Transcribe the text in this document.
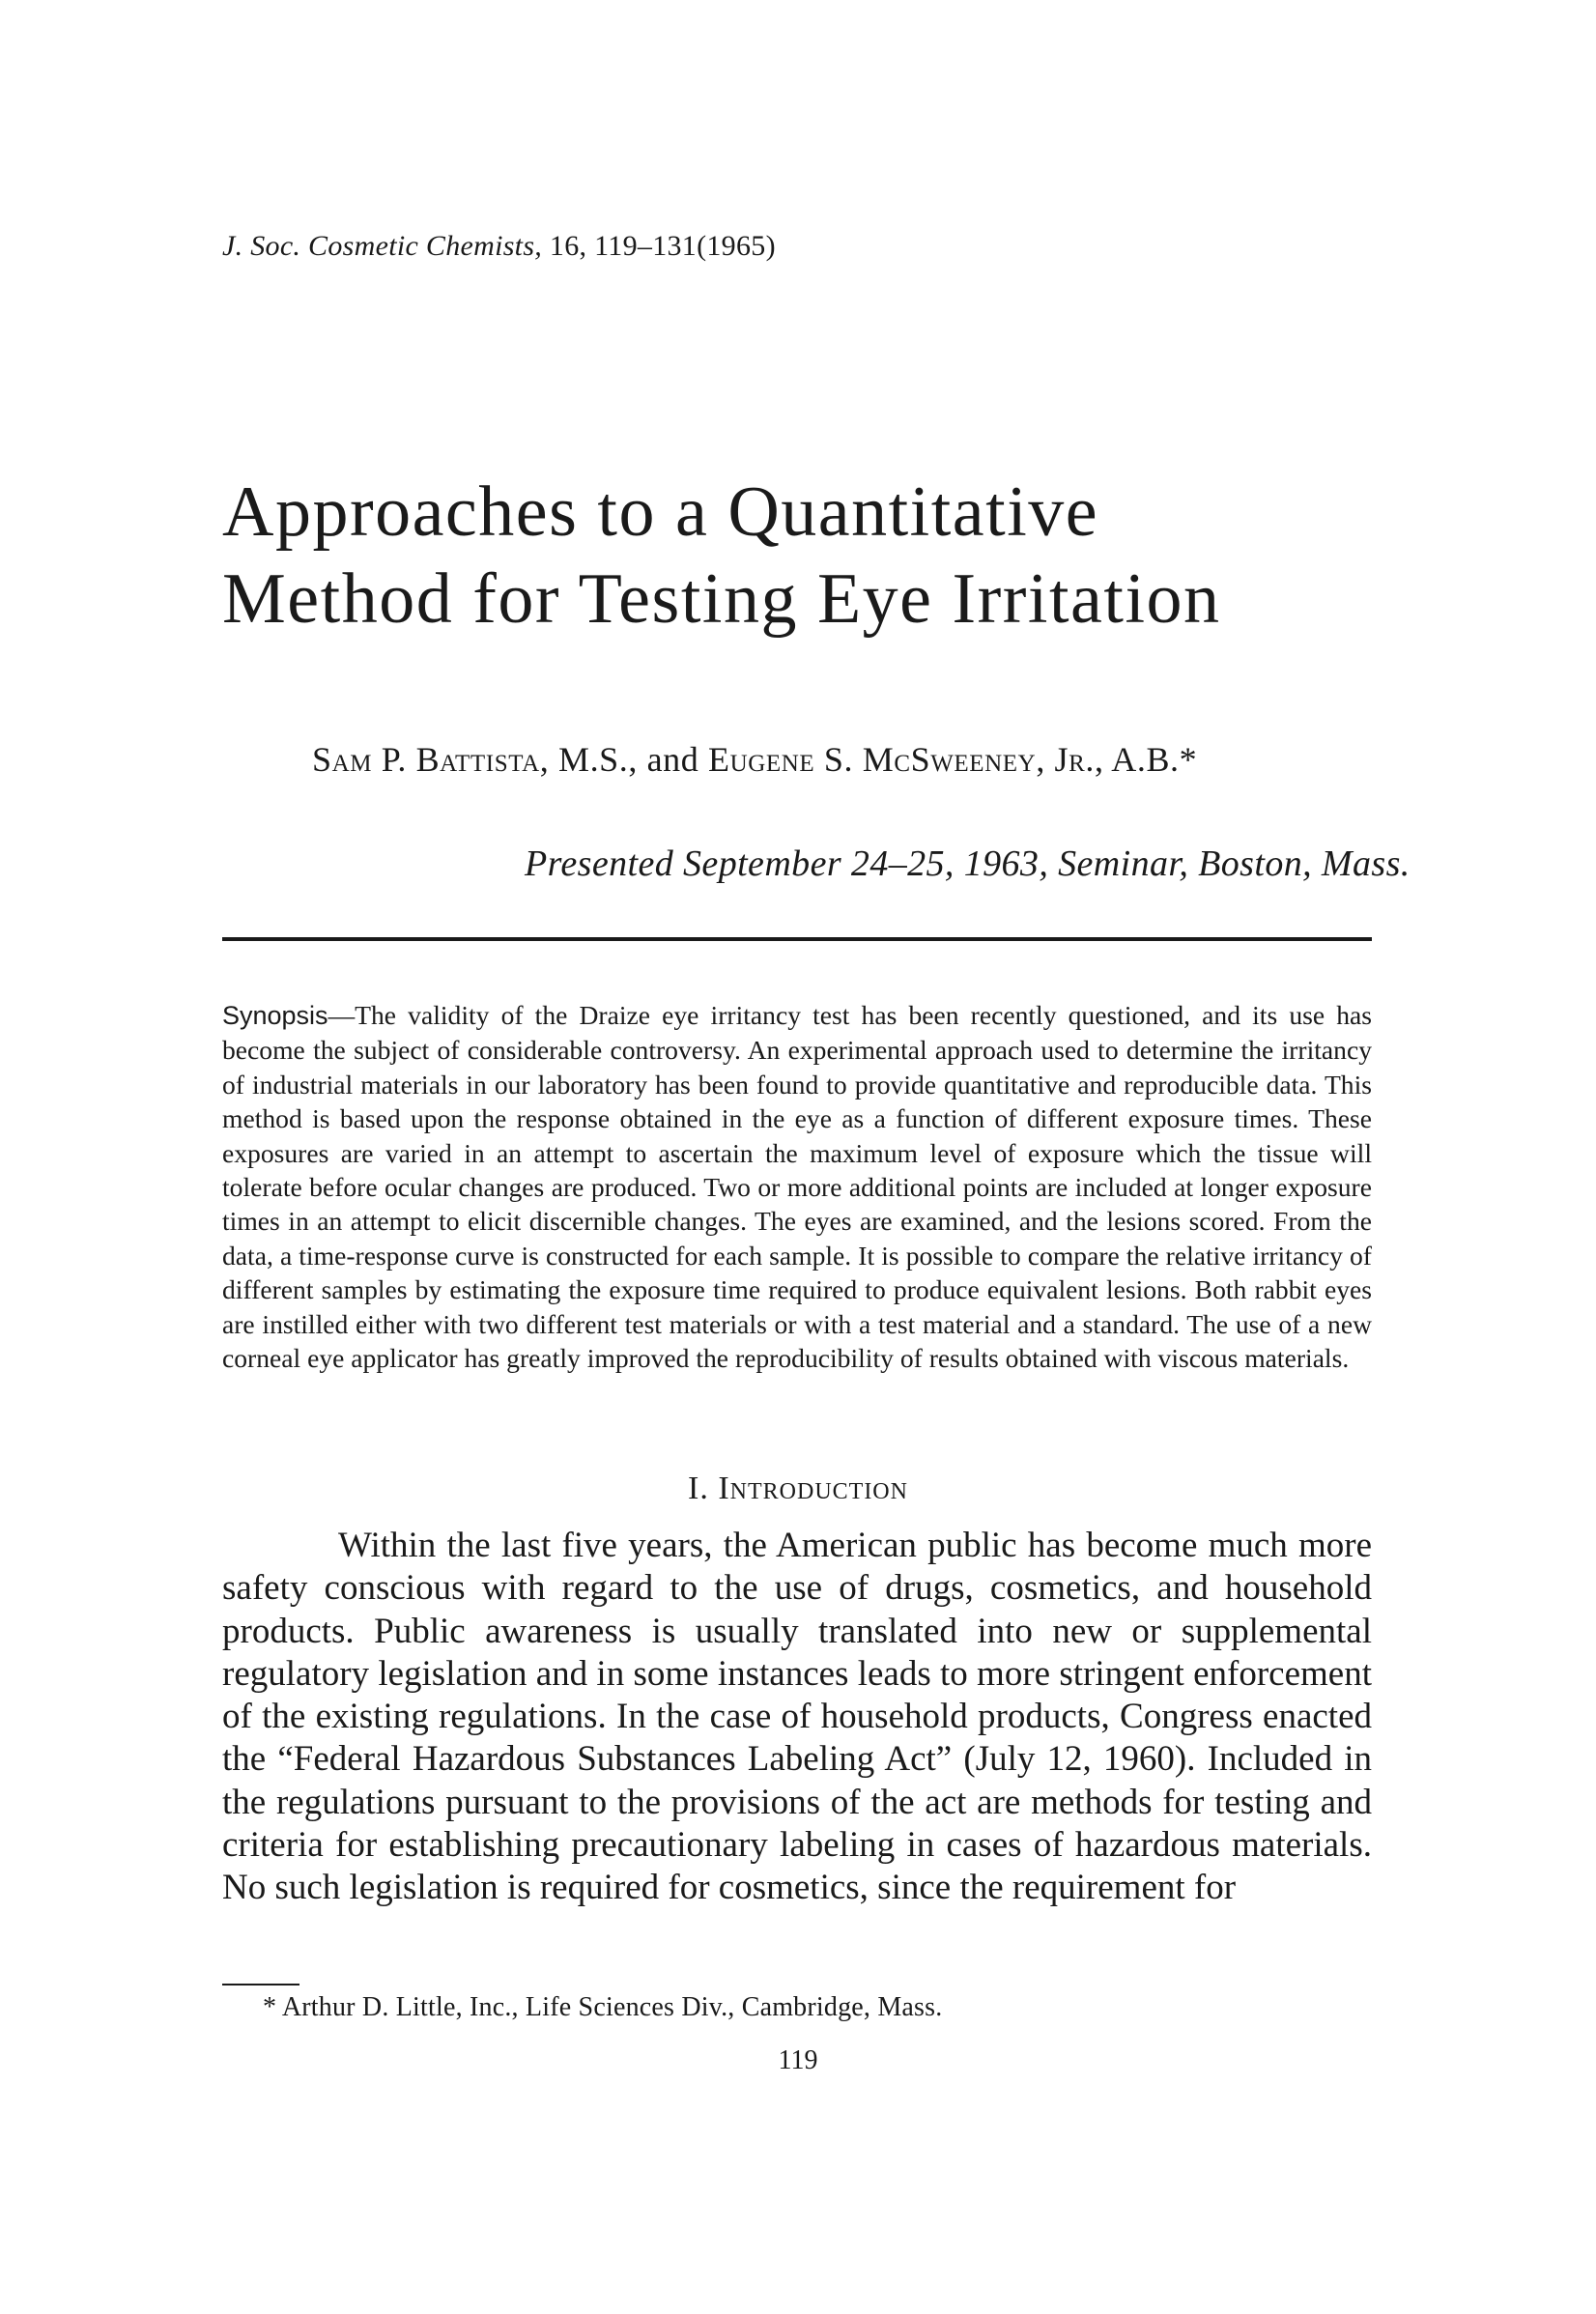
J. Soc. Cosmetic Chemists, 16, 119–131(1965)
Approaches to a Quantitative
Method for Testing Eye Irritation
Sam P. Battista, M.S., and Eugene S. McSweeney, Jr., A.B.*
Presented September 24–25, 1963, Seminar, Boston, Mass.

Synopsis—The validity of the Draize eye irritancy test has been recently questioned, and its use has become the subject of considerable controversy. An experimental approach used to determine the irritancy of industrial materials in our laboratory has been found to provide quantitative and reproducible data. This method is based upon the response obtained in the eye as a function of different exposure times. These exposures are varied in an attempt to ascertain the maximum level of exposure which the tissue will tolerate before ocular changes are produced. Two or more additional points are included at longer exposure times in an attempt to elicit discernible changes. The eyes are examined, and the lesions scored. From the data, a time-response curve is constructed for each sample. It is possible to compare the relative irritancy of different samples by estimating the exposure time required to produce equivalent lesions. Both rabbit eyes are instilled either with two different test materials or with a test material and a standard. The use of a new corneal eye applicator has greatly improved the reproducibility of results obtained with viscous materials.

I. Introduction

Within the last five years, the American public has become much more safety conscious with regard to the use of drugs, cosmetics, and household products. Public awareness is usually translated into new or supplemental regulatory legislation and in some instances leads to more stringent enforcement of the existing regulations. In the case of household products, Congress enacted the “Federal Hazardous Substances Labeling Act” (July 12, 1960). Included in the regulations pursuant to the provisions of the act are methods for testing and criteria for establishing precautionary labeling in cases of hazardous materials. No such legislation is required for cosmetics, since the requirement for

* Arthur D. Little, Inc., Life Sciences Div., Cambridge, Mass.
119
